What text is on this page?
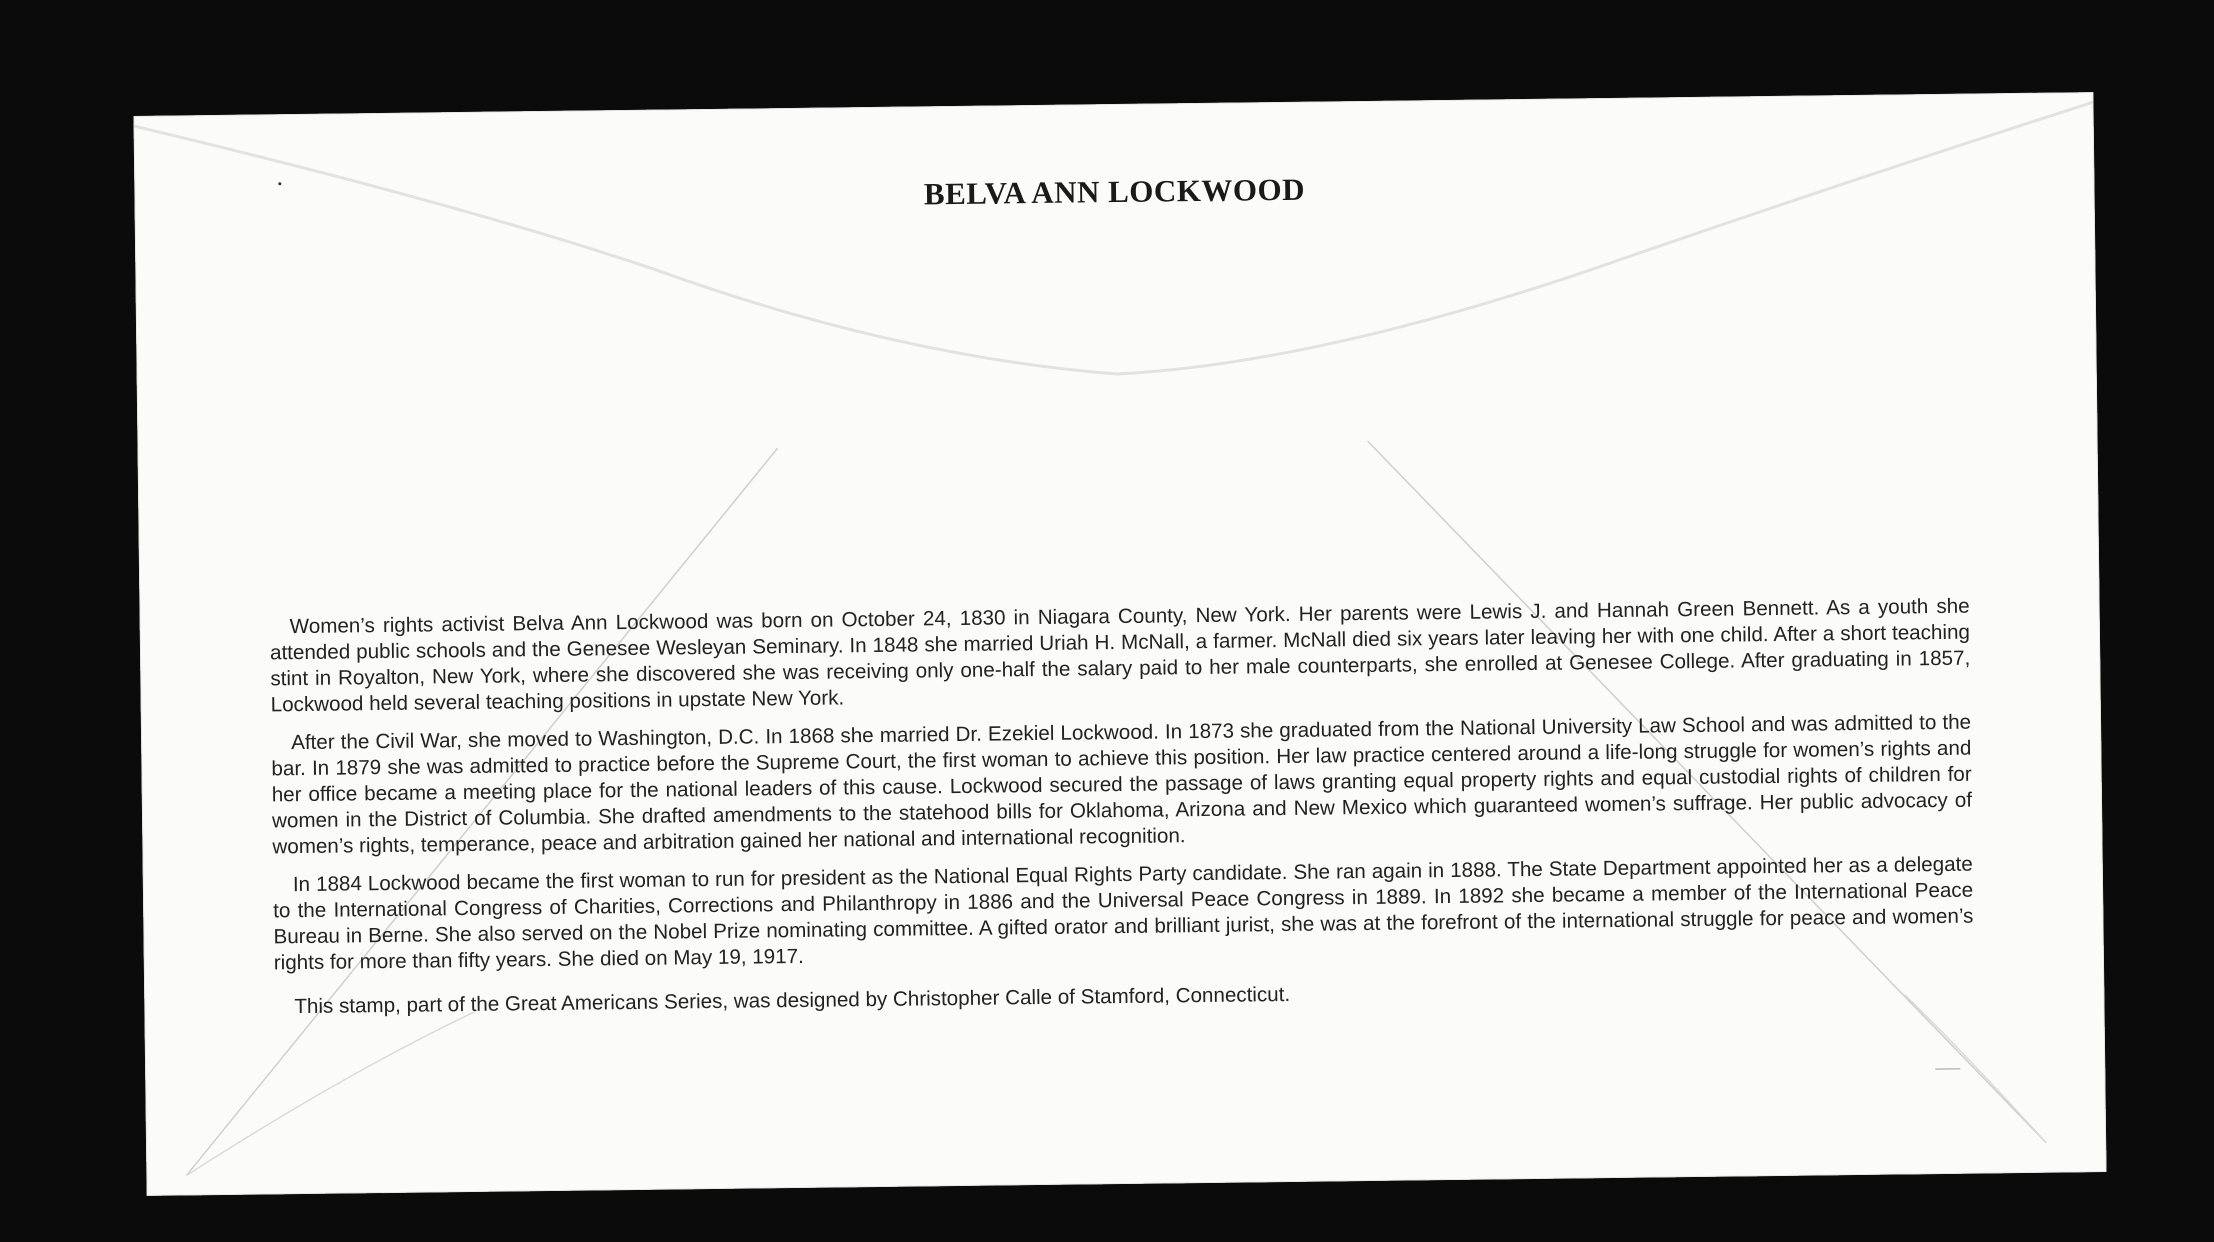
BELVA ANN LOCKWOOD

Women’s rights activist Belva Ann Lockwood was born on October 24, 1830 in Niagara County, New York. Her parents were Lewis J. and Hannah Green Bennett. As a youth she attended public schools and the Genesee Wesleyan Seminary. In 1848 she married Uriah H. McNall, a farmer. McNall died six years later leaving her with one child. After a short teaching stint in Royalton, New York, where she discovered she was receiving only one-half the salary paid to her male counterparts, she enrolled at Genesee College. After graduating in 1857, Lockwood held several teaching positions in upstate New York.

After the Civil War, she moved to Washington, D.C. In 1868 she married Dr. Ezekiel Lockwood. In 1873 she graduated from the National University Law School and was admitted to the bar. In 1879 she was admitted to practice before the Supreme Court, the first woman to achieve this position. Her law practice centered around a life-long struggle for women’s rights and her office became a meeting place for the national leaders of this cause. Lockwood secured the passage of laws granting equal property rights and equal custodial rights of children for women in the District of Columbia. She drafted amendments to the statehood bills for Oklahoma, Arizona and New Mexico which guaranteed women’s suffrage. Her public advocacy of women’s rights, temperance, peace and arbitration gained her national and international recognition.

In 1884 Lockwood became the first woman to run for president as the National Equal Rights Party candidate. She ran again in 1888. The State Department appointed her as a delegate to the International Congress of Charities, Corrections and Philanthropy in 1886 and the Universal Peace Congress in 1889. In 1892 she became a member of the International Peace Bureau in Berne. She also served on the Nobel Prize nominating committee. A gifted orator and brilliant jurist, she was at the forefront of the international struggle for peace and women’s rights for more than fifty years. She died on May 19, 1917.

This stamp, part of the Great Americans Series, was designed by Christopher Calle of Stamford, Connecticut.
